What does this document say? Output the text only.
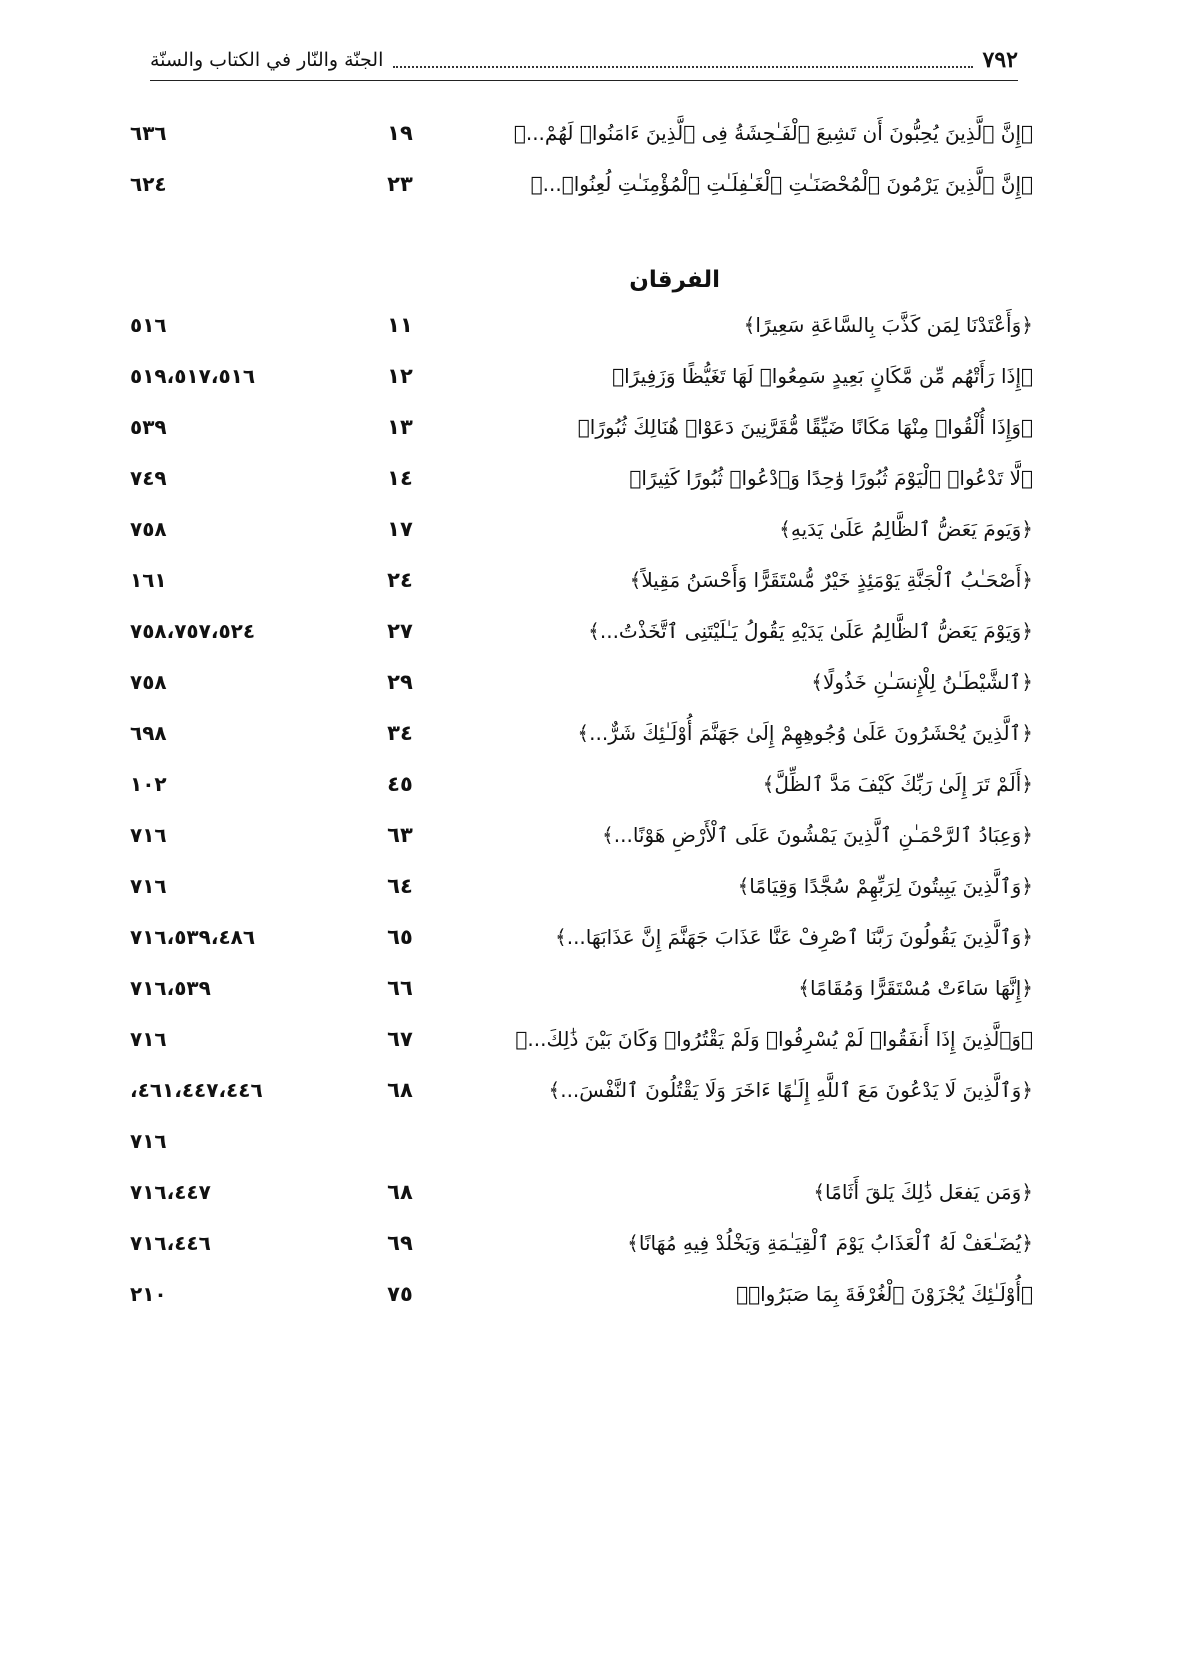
٧٩٢
الجنّة والنّار في الكتاب والسنّة
﴿إِنَّ ٱلَّذِينَ يُحِبُّونَ أَن تَشِيعَ ٱلْفَـٰحِشَةُ فِى ٱلَّذِينَ ءَامَنُوا۟ لَهُمْ...﴾
١٩
٦٣٦
﴿إِنَّ ٱلَّذِينَ يَرْمُونَ ٱلْمُحْصَنَـٰتِ ٱلْغَـٰفِلَـٰتِ ٱلْمُؤْمِنَـٰتِ لُعِنُوا۟...﴾
٢٣
٦٢٤
الفرقان
﴿وَأَعْتَدْنَا لِمَن كَذَّبَ بِالسَّاعَةِ سَعِيرًا﴾
١١
٥١٦
﴿إِذَا رَأَتْهُم مِّن مَّكَانٍ بَعِيدٍ سَمِعُوا۟ لَهَا تَغَيُّظًا وَزَفِيرًا﴾
١٢
٥١٩،٥١٧،٥١٦
﴿وَإِذَا أُلْقُوا۟ مِنْهَا مَكَانًا ضَيِّقًا مُّقَرَّنِينَ دَعَوْا۟ هُنَالِكَ ثُبُورًا﴾
١٣
٥٣٩
﴿لَّا تَدْعُوا۟ ٱلْيَوْمَ ثُبُورًا وَٰحِدًا وَٱدْعُوا۟ ثُبُورًا كَثِيرًا﴾
١٤
٧٤٩
﴿وَيَومَ يَعَضُّ ٱلظَّالِمُ عَلَىٰ يَدَيهِ﴾
١٧
٧٥٨
﴿أَصْحَـٰبُ ٱلْجَنَّةِ يَوْمَئِذٍ خَيْرٌ مُّسْتَقَرًّا وَأَحْسَنُ مَقِيلاً﴾
٢٤
١٦١
﴿وَيَوْمَ يَعَضُّ ٱلظَّالِمُ عَلَىٰ يَدَيْهِ يَقُولُ يَـٰلَيْتَنِى ٱتَّخَذْتُ...﴾
٢٧
٧٥٨،٧٥٧،٥٢٤
﴿ٱلشَّيْطَـٰنُ لِلْإِنسَـٰنِ خَذُولًا﴾
٢٩
٧٥٨
﴿ٱلَّذِينَ يُحْشَرُونَ عَلَىٰ وُجُوهِهِمْ إِلَىٰ جَهَنَّمَ أُوْلَـٰئِكَ شَرٌّ...﴾
٣٤
٦٩٨
﴿أَلَمْ تَرَ إِلَىٰ رَبِّكَ كَيْفَ مَدَّ ٱلظِّلَّ﴾
٤٥
١٠٢
﴿وَعِبَادُ ٱلرَّحْمَـٰنِ ٱلَّذِينَ يَمْشُونَ عَلَى ٱلْأَرْضِ هَوْنًا...﴾
٦٣
٧١٦
﴿وَٱلَّذِينَ يَبِيتُونَ لِرَبِّهِمْ سُجَّدًا وَقِيَامًا﴾
٦٤
٧١٦
﴿وَٱلَّذِينَ يَقُولُونَ رَبَّنَا ٱصْرِفْ عَنَّا عَذَابَ جَهَنَّمَ إِنَّ عَذَابَهَا...﴾
٦٥
٧١٦،٥٣٩،٤٨٦
﴿إِنَّهَا سَاءَتْ مُسْتَقَرًّا وَمُقَامًا﴾
٦٦
٧١٦،٥٣٩
﴿وَٱلَّذِينَ إِذَا أَنفَقُوا۟ لَمْ يُسْرِفُوا۟ وَلَمْ يَقْتُرُوا۟ وَكَانَ بَيْنَ ذَٰلِكَ...﴾
٦٧
٧١٦
﴿وَٱلَّذِينَ لَا يَدْعُونَ مَعَ ٱللَّهِ إِلَـٰهًا ءَاخَرَ وَلَا يَقْتُلُونَ ٱلنَّفْسَ...﴾
٦٨
٤٦١،٤٤٧،٤٤٦،
٧١٦
﴿وَمَن يَفعَل ذَٰلِكَ يَلقَ أَثَامًا﴾
٦٨
٧١٦،٤٤٧
﴿يُضَـٰعَفْ لَهُ ٱلْعَذَابُ يَوْمَ ٱلْقِيَـٰمَةِ وَيَخْلُدْ فِيهِ مُهَانًا﴾
٦٩
٧١٦،٤٤٦
﴿أُوْلَـٰئِكَ يُجْزَوْنَ ٱلْغُرْفَةَ بِمَا صَبَرُوا۟﴾
٧٥
٢١٠
